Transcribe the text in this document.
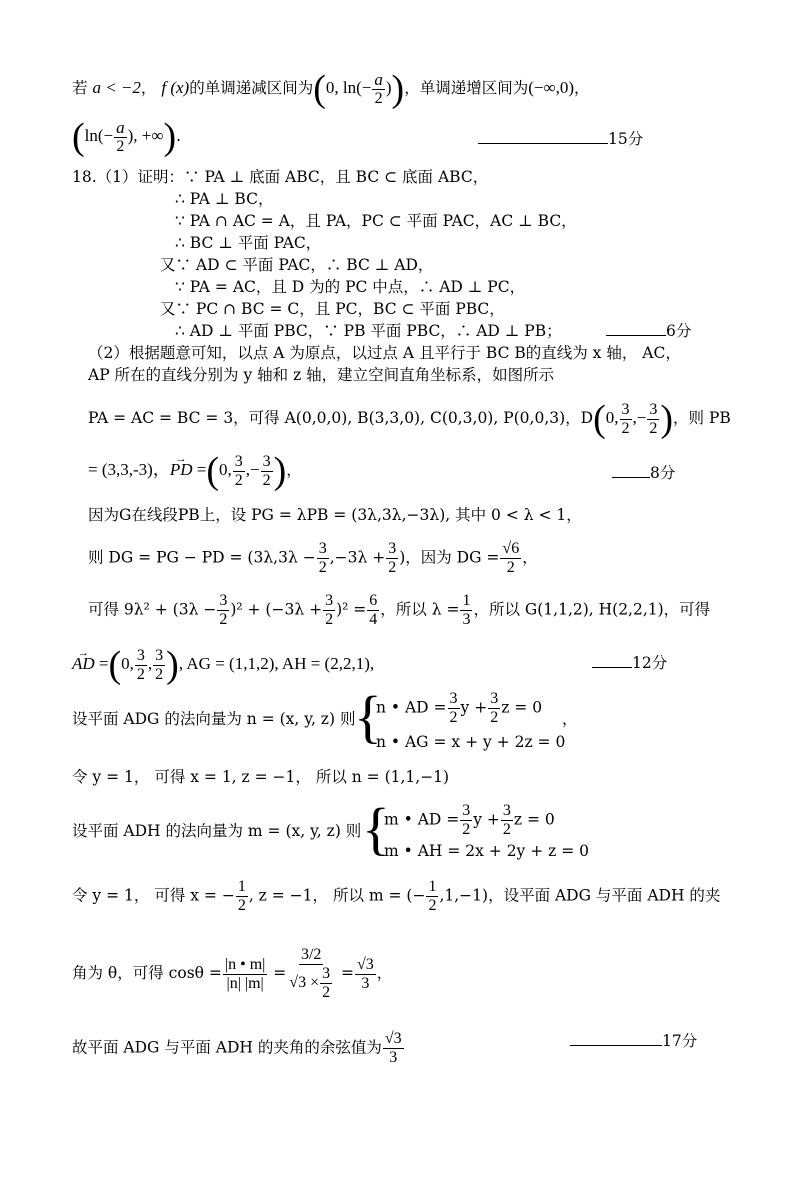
若 a < −2， f (x)的单调递减区间为(0, $\ln(- \frac{a}{2}$ ))，单调递增区间为(−∞,0)，
($\ln(- \frac{a}{2}$ ), +∞).	15分
18.（1）证明：∵ PA ⊥ 底面 ABC，且 BC ⊂ 底面 ABC，
∴ PA ⊥ BC，
∵ PA ∩ AC = A，且 PA，PC ⊂ 平面 PAC，AC ⊥ BC，
∴ BC ⊥ 平面 PAC，
又∵ AD ⊂ 平面 PAC，∴ BC ⊥ AD，
∵ PA = AC，且 D 为的 PC 中点，∴ AD ⊥ PC，
又∵ PC ∩ BC = C，且 PC，BC ⊂ 平面 PBC，
∴ AD ⊥ 平面 PBC，∵ PB 平面 PBC，∴ AD ⊥ PB；	6分
（2）根据题意可知，以点 A 为原点，以过点 A 且平行于 BC B的直线为 x 轴， AC，
AP 所在的直线分别为 y 轴和 z 轴，建立空间直角坐标系，如图所示
PA = AC = BC = 3，可得 A(0,0,0), B(3,3,0), C(0,3,0), P(0,0,3)，D(0, $\frac{3}{2}$ ,− $\frac{3}{2}$ )，则 PB
= (3,3,-3)，→ PD =(0, $\frac{3}{2}$ ,− $\frac{3}{2}$ )，	8分
因为G在线段PB上，设 PG = λPB = (3λ,3λ,−3λ), 其中 0 < λ < 1，
则 DG = PG − PD = ($3\lambda,3\lambda - \frac{3}{2} ,-3\lambda + \frac{3}{2}$ )，因为 DG = $\frac{√6}{2}$ ，
可得 $9\lambda^2 + (3\lambda - \frac{3}{2} )^2 + (-3\lambda + \frac{3}{2} )^2 = \frac{6}{4}$ ，所以 $\lambda = \frac{1}{3}$ ，所以 G(1,1,2), H(2,2,1)，可得
→ AD =(0, $\frac{3}{2}$ , $\frac{3}{2}$ ), AG = (1,1,2), AH = (2,2,1),	12分
设平面 ADG 的法向量为 n = (x, y, z) 则
{
n • AD = $\frac{3}{2}$ $y + \frac{3}{2}$ z = 0
n • AG = x + y + 2z = 0
，
令 y = 1， 可得 x = 1, z = −1， 所以 n = (1,1,−1)
设平面 ADH 的法向量为 m = (x, y, z) 则 {
m • AD = $\frac{3}{2}$ $y + \frac{3}{2}$ z = 0
m • AH = 2x + 2y + z = 0
令 y = 1， 可得 x = − $\frac{1}{2}$ , z = −1， 所以 m = (− $\frac{1}{2} ,1,-1$)，设平面 ADG 与平面 ADH 的夹
角为 θ，可得 $\cos\theta = \frac{|n • m|}{|n| |m|} = \frac{3/2}{√3 \times \frac{3}{2}} = \frac{√3}{3}$ ，
故平面 ADG 与平面 ADH 的夹角的余弦值为 $\frac{√3}{3}$	17分
